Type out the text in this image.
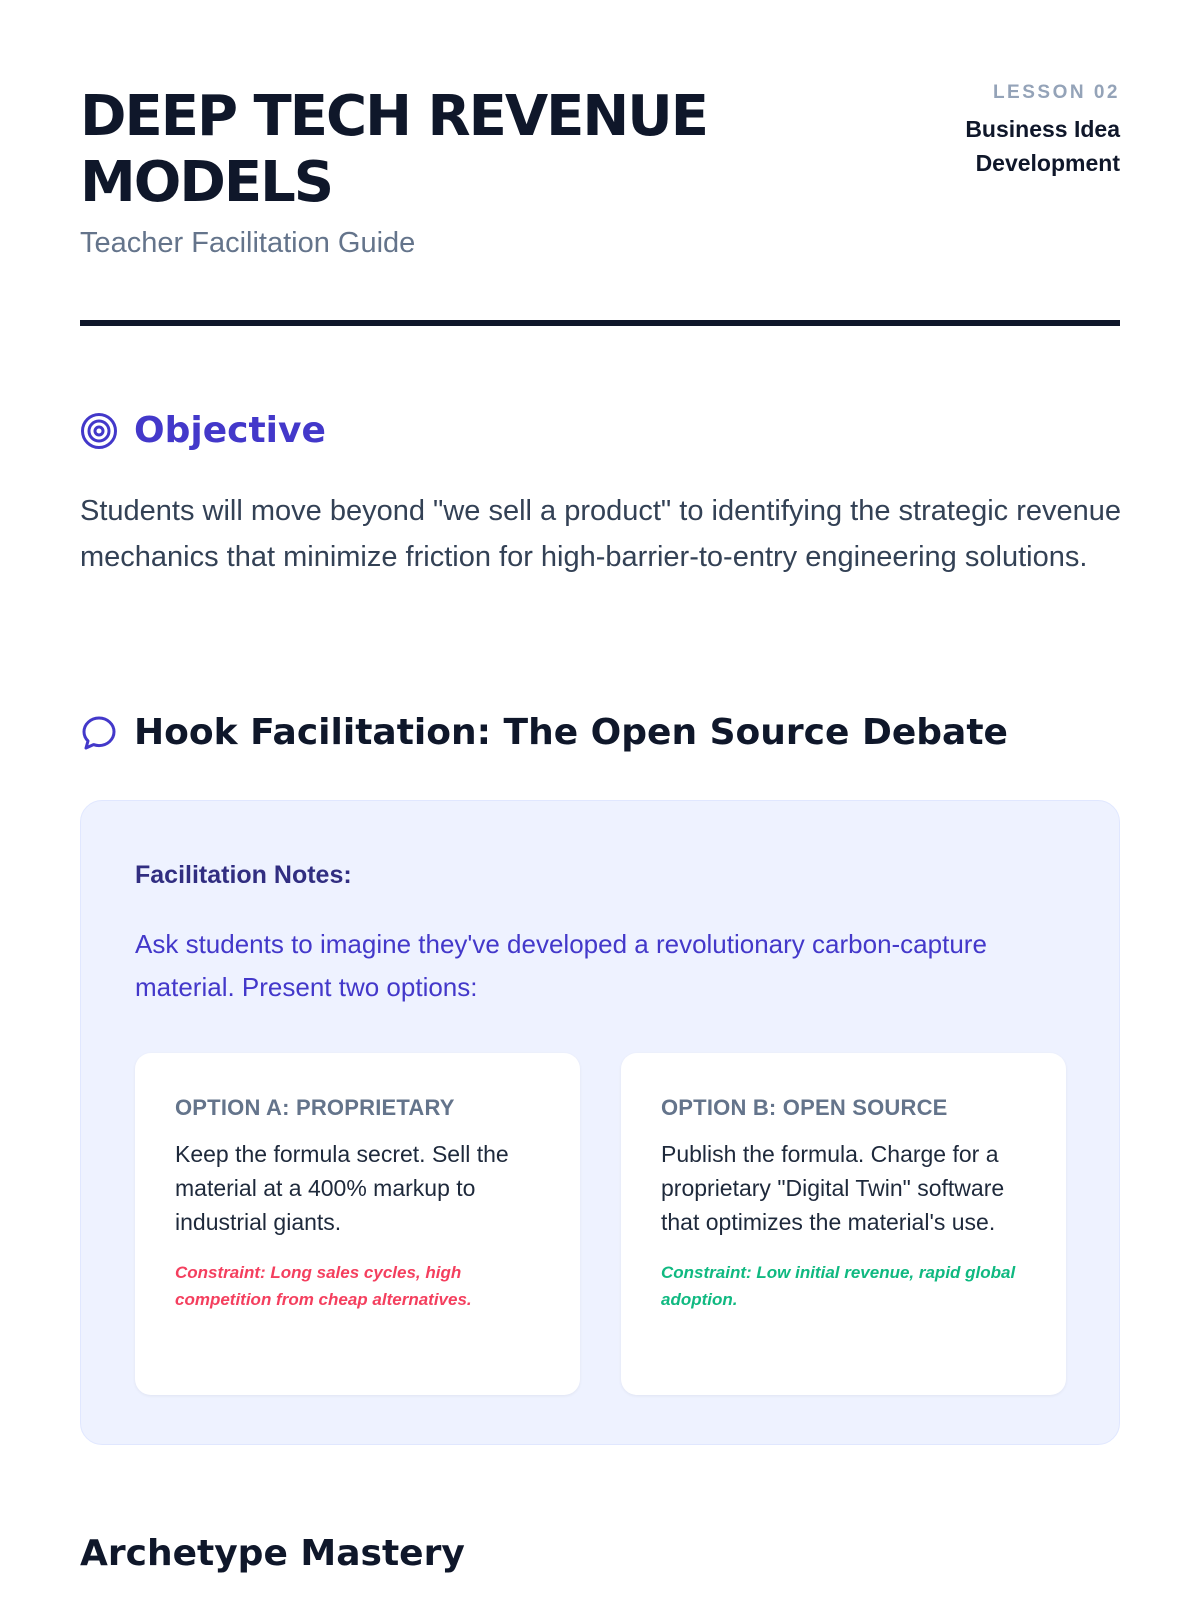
DEEP TECH REVENUE MODELS
Teacher Facilitation Guide
LESSON 02
Business Idea Development
Objective

Students will move beyond "we sell a product" to identifying the strategic revenue mechanics that minimize friction for high-barrier-to-entry engineering solutions.

Hook Facilitation: The Open Source Debate
Facilitation Notes:

Ask students to imagine they've developed a revolutionary carbon-capture material. Present two options:

OPTION A: PROPRIETARY

Keep the formula secret. Sell the material at a 400% markup to industrial giants.

Constraint: Long sales cycles, high competition from cheap alternatives.

OPTION B: OPEN SOURCE

Publish the formula. Charge for a proprietary "Digital Twin" software that optimizes the material's use.

Constraint: Low initial revenue, rapid global adoption.

Archetype Mastery
